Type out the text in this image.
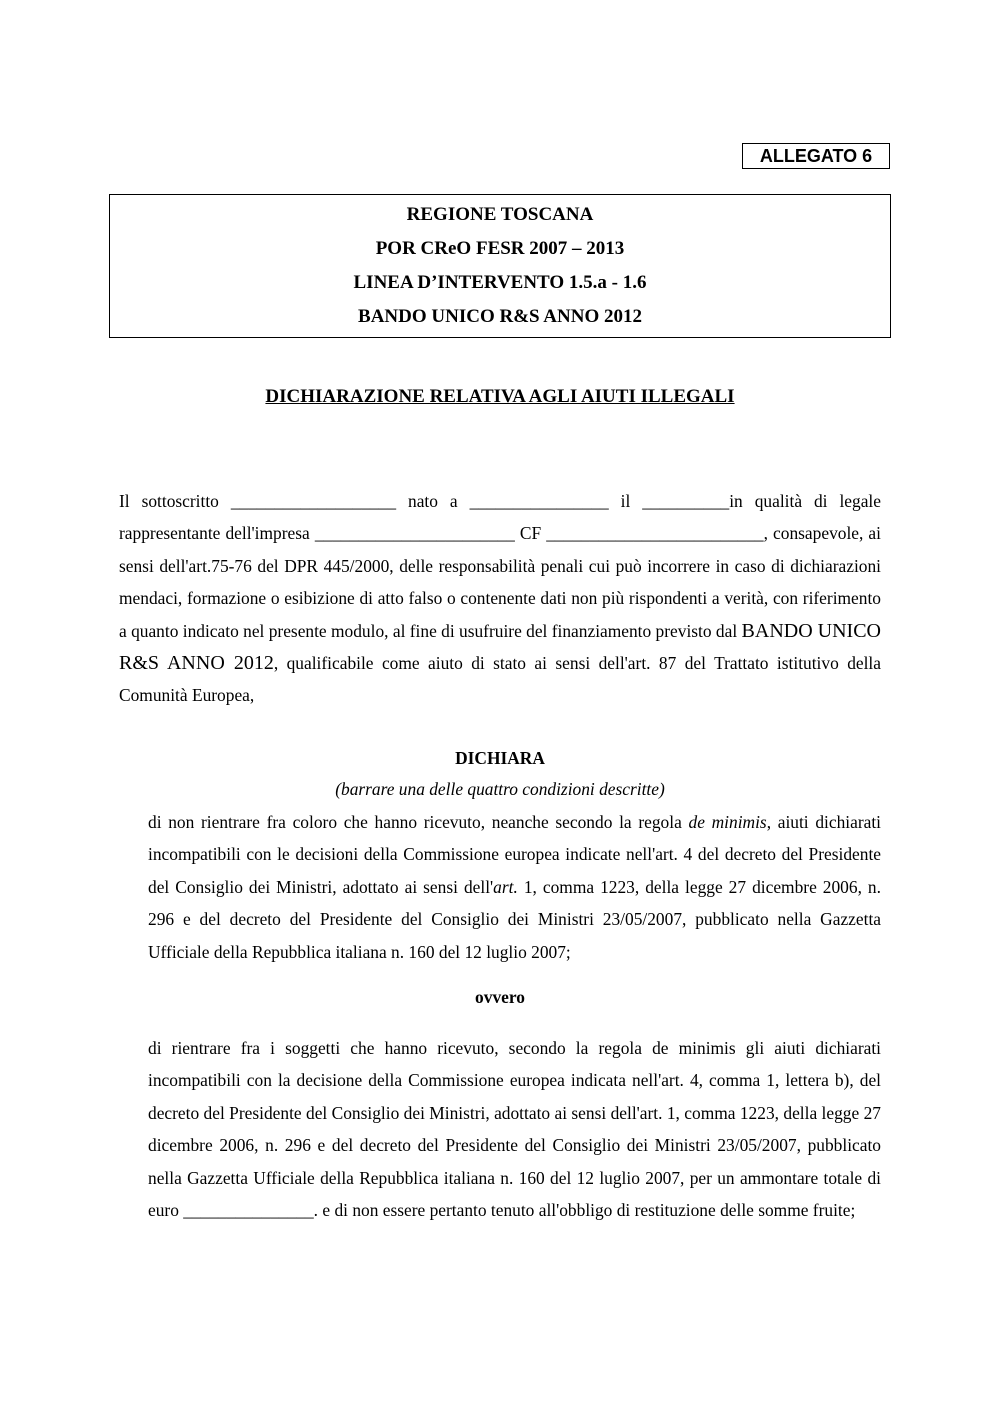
ALLEGATO 6
REGIONE TOSCANA
POR CReO FESR 2007 – 2013
LINEA D’INTERVENTO 1.5.a - 1.6
BANDO UNICO R&S ANNO 2012
DICHIARAZIONE RELATIVA AGLI AIUTI ILLEGALI
Il sottoscritto ___________________ nato a ________________ il __________in qualità di legale rappresentante dell'impresa _______________________ CF _________________________, consapevole, ai sensi dell'art.75-76 del DPR 445/2000, delle responsabilità penali cui può incorrere in caso di dichiarazioni mendaci, formazione o esibizione di atto falso o contenente dati non più rispondenti a verità, con riferimento a quanto indicato nel presente modulo, al fine di usufruire del finanziamento previsto dal BANDO UNICO R&S ANNO 2012, qualificabile come aiuto di stato ai sensi dell'art. 87 del Trattato istitutivo della Comunità Europea,
DICHIARA
(barrare una delle quattro condizioni descritte)
di non rientrare fra coloro che hanno ricevuto, neanche secondo la regola de minimis, aiuti dichiarati incompatibili con le decisioni della Commissione europea indicate nell'art. 4 del decreto del Presidente del Consiglio dei Ministri, adottato ai sensi dell'art. 1, comma 1223, della legge 27 dicembre 2006, n. 296 e del decreto del Presidente del Consiglio dei Ministri 23/05/2007, pubblicato nella Gazzetta Ufficiale della Repubblica italiana n. 160 del 12 luglio 2007;
ovvero
di rientrare fra i soggetti che hanno ricevuto, secondo la regola de minimis gli aiuti dichiarati incompatibili con la decisione della Commissione europea indicata nell'art. 4, comma 1, lettera b), del decreto del Presidente del Consiglio dei Ministri, adottato ai sensi dell'art. 1, comma 1223, della legge 27 dicembre 2006, n. 296 e del decreto del Presidente del Consiglio dei Ministri 23/05/2007, pubblicato nella Gazzetta Ufficiale della Repubblica italiana n. 160 del 12 luglio 2007, per un ammontare totale di euro _______________. e di non essere pertanto tenuto all'obbligo di restituzione delle somme fruite;
